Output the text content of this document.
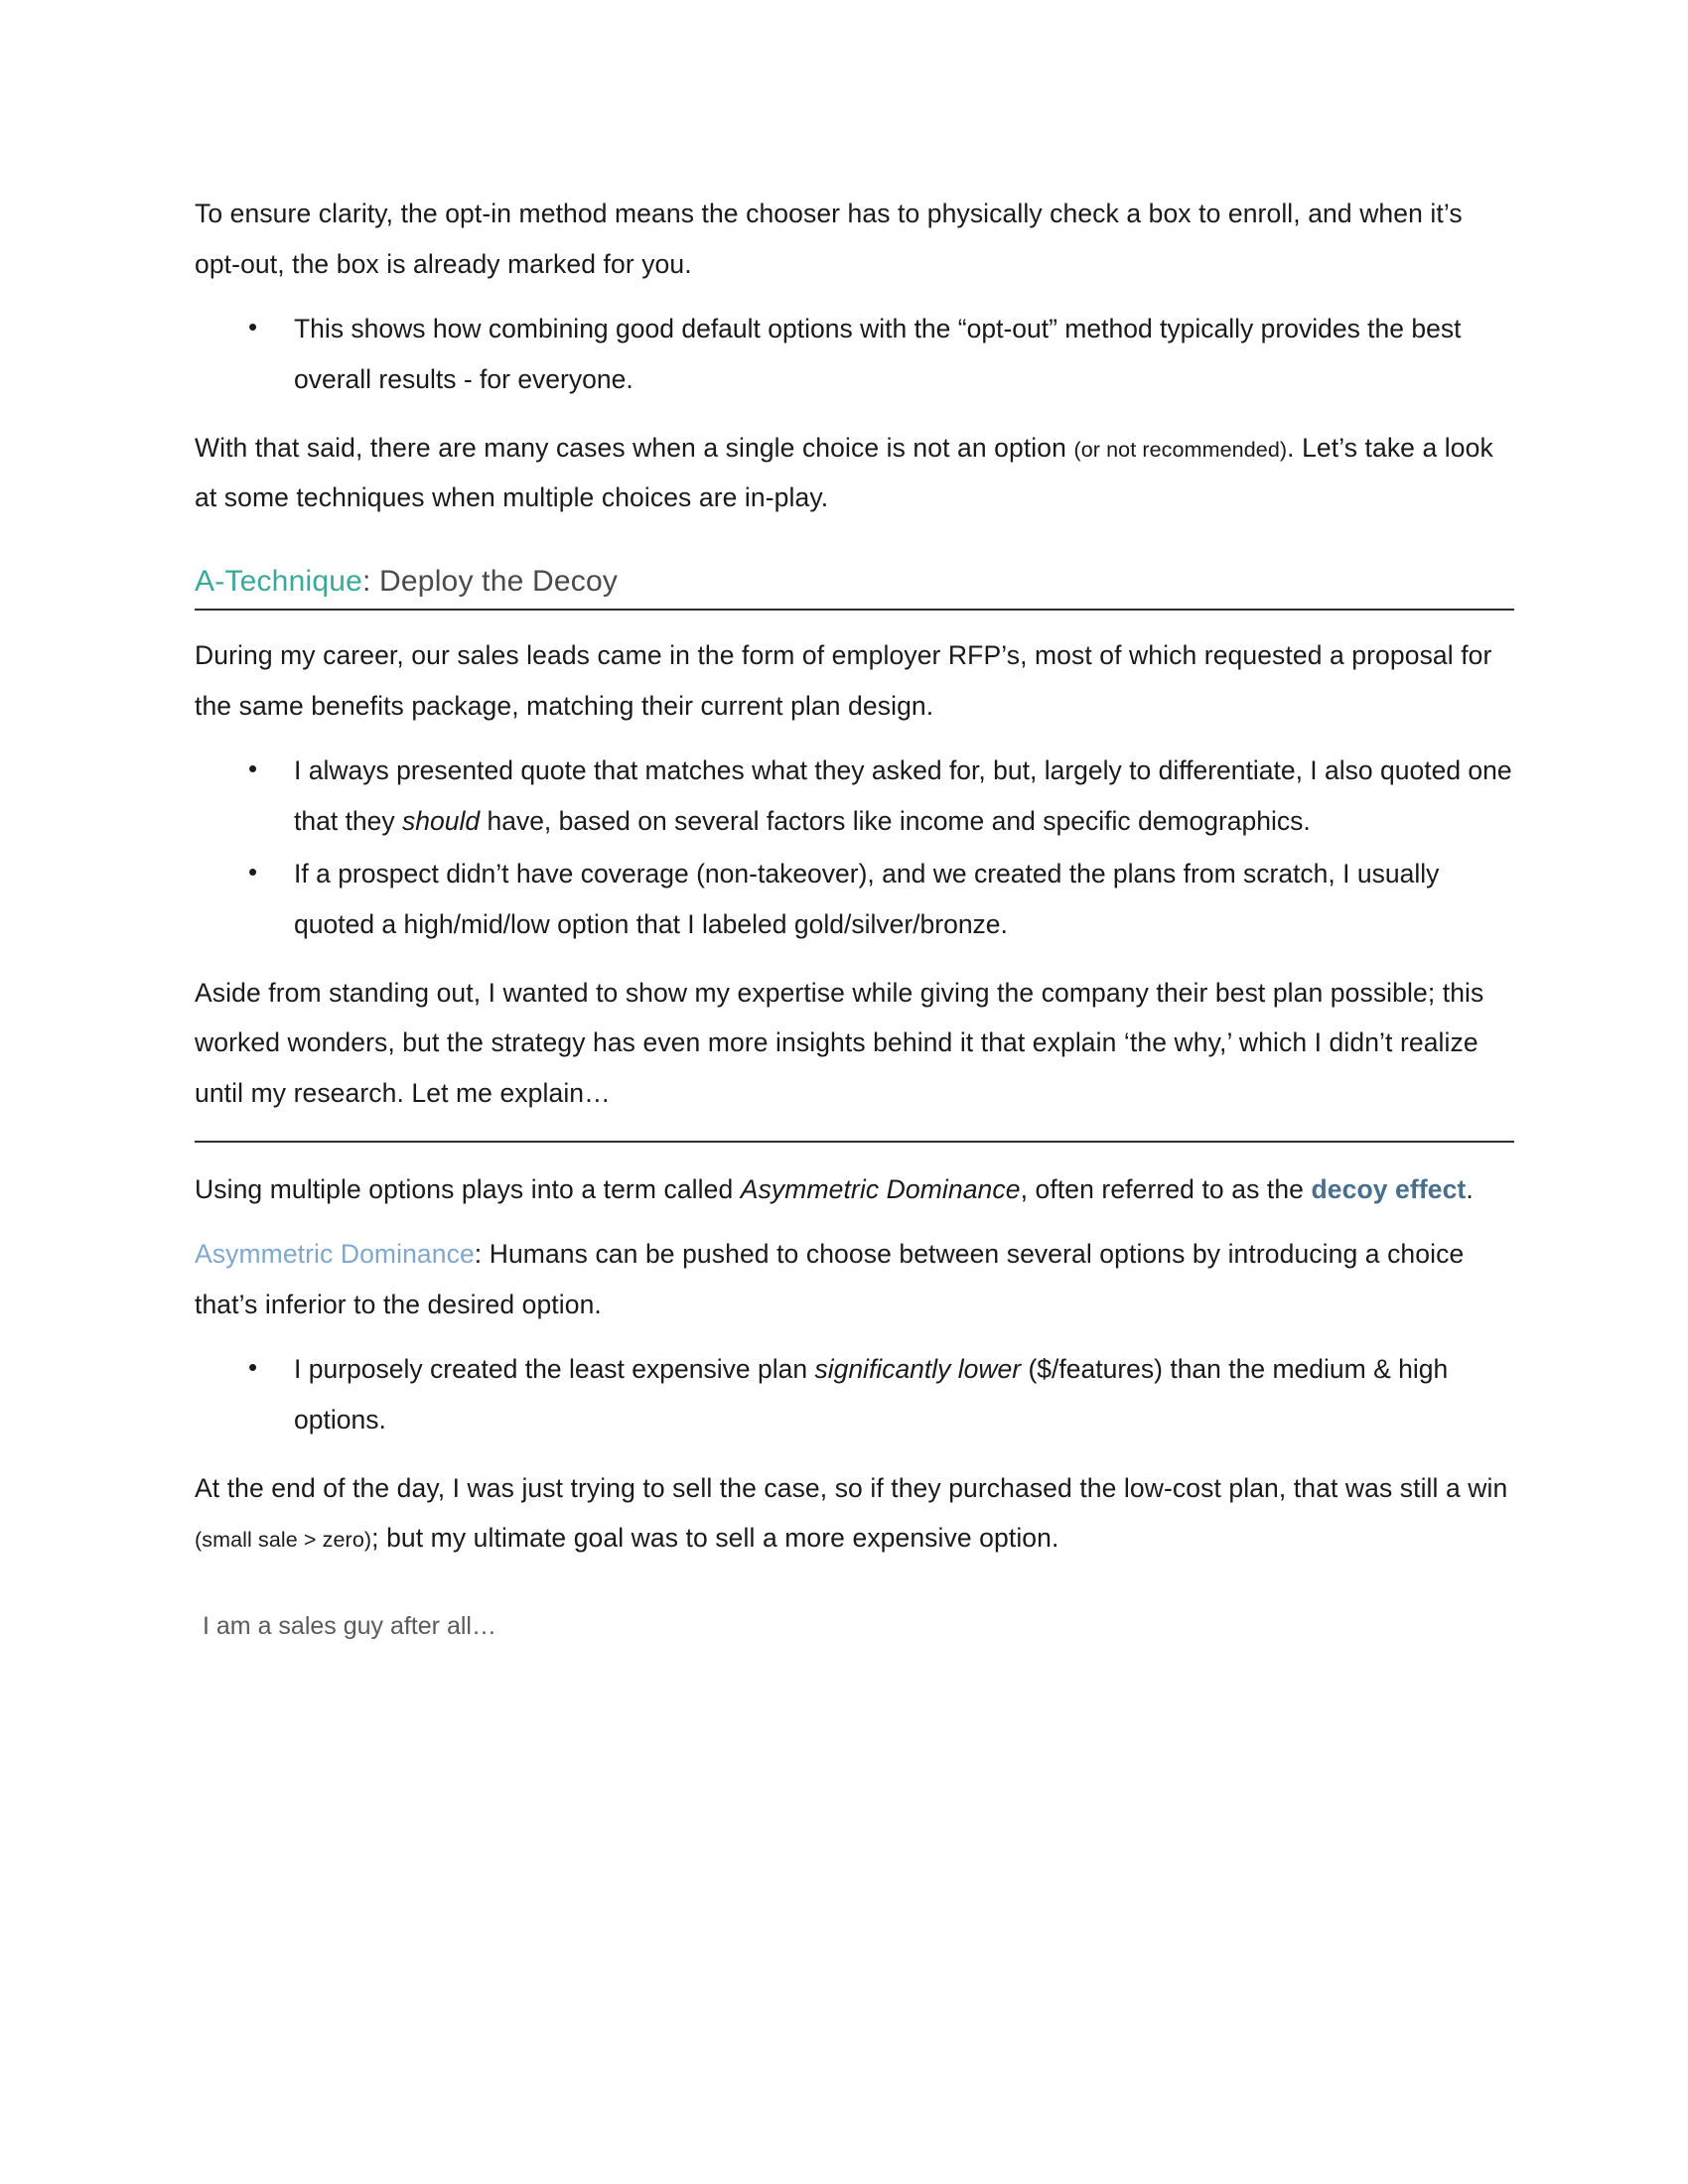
To ensure clarity, the opt-in method means the chooser has to physically check a box to enroll, and when it’s opt-out, the box is already marked for you.

• This shows how combining good default options with the “opt-out” method typically provides the best overall results - for everyone.

With that said, there are many cases when a single choice is not an option (or not recommended). Let’s take a look at some techniques when multiple choices are in-play.

A-Technique: Deploy the Decoy

During my career, our sales leads came in the form of employer RFP’s, most of which requested a proposal for the same benefits package, matching their current plan design.

• I always presented quote that matches what they asked for, but, largely to differentiate, I also quoted one that they should have, based on several factors like income and specific demographics.
• If a prospect didn’t have coverage (non-takeover), and we created the plans from scratch, I usually quoted a high/mid/low option that I labeled gold/silver/bronze.

Aside from standing out, I wanted to show my expertise while giving the company their best plan possible; this worked wonders, but the strategy has even more insights behind it that explain ‘the why,’ which I didn’t realize until my research. Let me explain…

Using multiple options plays into a term called Asymmetric Dominance, often referred to as the decoy effect.

Asymmetric Dominance: Humans can be pushed to choose between several options by introducing a choice that’s inferior to the desired option.

• I purposely created the least expensive plan significantly lower ($/features) than the medium & high options.

At the end of the day, I was just trying to sell the case, so if they purchased the low-cost plan, that was still a win (small sale > zero); but my ultimate goal was to sell a more expensive option.

I am a sales guy after all…
